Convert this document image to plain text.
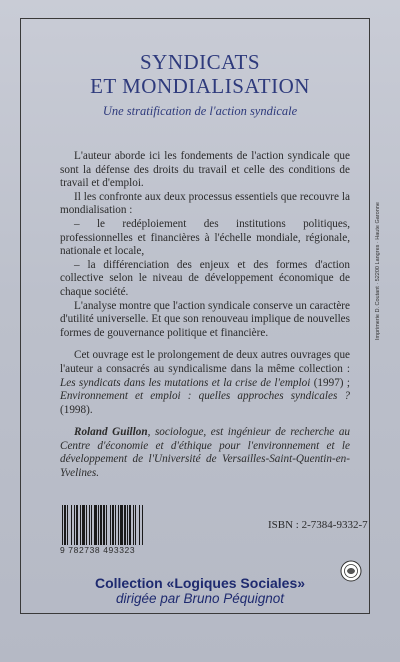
SYNDICATS
ET MONDIALISATION
Une stratification de l'action syndicale

L'auteur aborde ici les fondements de l'action syndicale que sont la défense des droits du travail et celle des conditions de travail et d'emploi.

Il les confronte aux deux processus essentiels que recouvre la mondialisation :

– le redéploiement des institutions politiques, professionnelles et financières à l'échelle mondiale, régionale, nationale et locale,

– la différenciation des enjeux et des formes d'action collective selon le niveau de développement économique de chaque société.

L'analyse montre que l'action syndicale conserve un caractère d'utilité universelle. Et que son renouveau implique de nouvelles formes de gouvernance politique et financière.

Cet ouvrage est le prolongement de deux autres ouvrages que l'auteur a consacrés au syndicalisme dans la même collection : Les syndicats dans les mutations et la crise de l'emploi (1997) ; Environnement et emploi : quelles approches syndicales ? (1998).

Roland Guillon, sociologue, est ingénieur de recherche au Centre d'économie et d'éthique pour l'environnement et le développement de l'Université de Versailles-Saint-Quentin-en-Yvelines.

9 782738 493323
ISBN : 2-7384-9332-7
Collection «Logiques Sociales»
dirigée par Bruno Péquignot
Imprimerie D. Coutant · 52200 Langres · Haute Garonne
